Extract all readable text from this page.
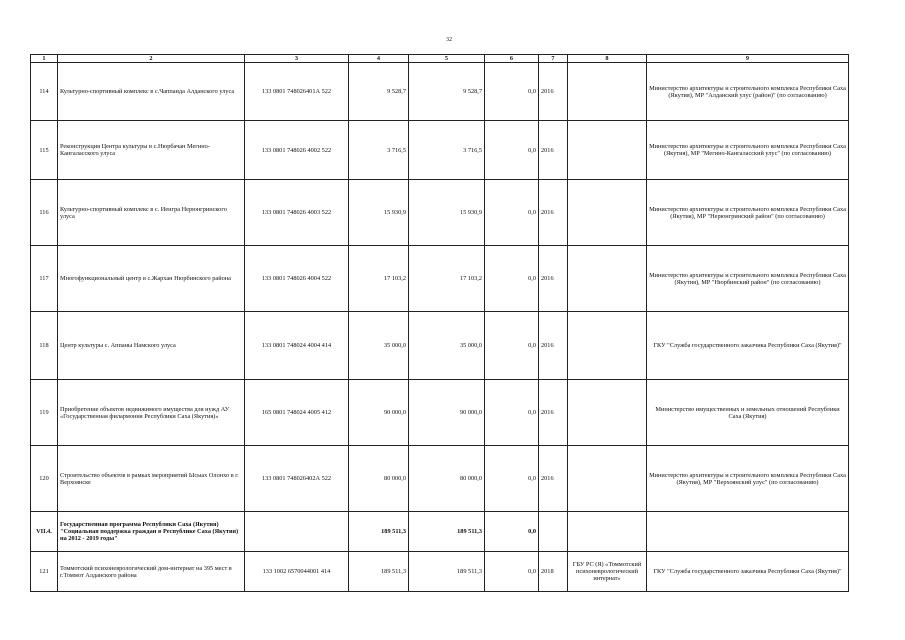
32
1	2	3	4	5	6	7	8	9
114	Культурно-спортивный комплекс в с.Чаппанда Алданского улуса	133 0801 748026401А 522	9 528,7	9 528,7	0,0	2016		Министерство архитектуры и строительного комплекса Республики Саха (Якутия), МР "Алданский улус (район)" (по согласованию)
115	Реконструкция Центра культуры в с.Нюрбачан Мегино-Кангаласского улуса	133 0801 748026 4002 522	3 716,5	3 716,5	0,0	2016		Министерство архитектуры и строительного комплекса Республики Саха (Якутия), МР "Мегино-Кангаласский улус" (по согласованию)
116	Культурно-спортивный комплекс в с. Иенгра Нерюнгринского улуса	133 0801 748026 4003 522	15 930,9	15 930,9	0,0	2016		Министерство архитектуры и строительного комплекса Республики Саха (Якутия), МР "Нерюнгринский район" (по согласованию)
117	Многофункциональный центр в с.Жархан Нюрбинского района	133 0801 748026 4004 522	17 103,2	17 103,2	0,0	2016		Министерство архитектуры и строительного комплекса Республики Саха (Якутия), МР "Нюрбинский район" (по согласованию)
118	Центр культуры с. Аппаны Намского улуса	133 0801 748024 4004 414	35 000,0	35 000,0	0,0	2016		ГКУ "Служба государственного заказчика Республики Саха (Якутия)"
119	Приобретение объектов недвижимого имущества для нужд АУ «Государственная филармония Республики Саха (Якутия)»	165 0801 748024 4005 412	90 000,0	90 000,0	0,0	2016		Министерство имущественных и земельных отношений Республики Саха (Якутия)
120	Строительство объектов в рамках мероприятий Ысыах Олонхо в г. Верхоянске	133 0801 748026402А 522	80 000,0	80 000,0	0,0	2016		Министерство архитектуры и строительного комплекса Республики Саха (Якутия), МР "Верхоянский улус" (по согласованию)
VII.4.	Государственная программа Республики Саха (Якутия) "Социальная поддержка граждан в Республике Саха (Якутия) на 2012 - 2019 годы"		189 511,3	189 511,3	0,0			
121	Томмотский психоневрологический дом-интернат на 395 мест в г.Томмот Алданского района	133 1002 6570044001 414	189 511,3	189 511,3	0,0	2018	ГБУ РС (Я) «Томмотский психоневрологический интернат»	ГКУ "Служба государственного заказчика Республики Саха (Якутия)"
